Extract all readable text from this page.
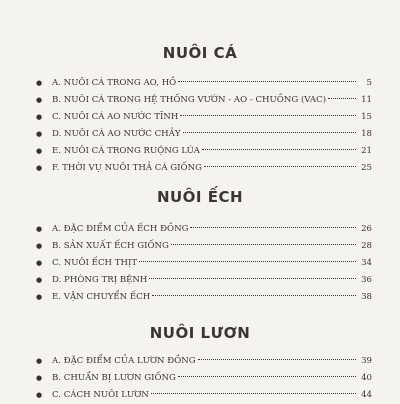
NUÔI CÁ
●	A. NUÔI CÁ TRONG AO, HỒ	5
●	B. NUÔI CÁ TRONG HỆ THỐNG VƯỜN - AO - CHUỒNG (VAC)	11
●	C. NUÔI CÁ AO NƯỚC TĨNH	15
●	D. NUÔI CÁ AO NƯỚC CHẢY	18
●	E. NUÔI CÁ TRONG RUỘNG LÚA	21
●	F. THỜI VỤ NUÔI THẢ CÁ GIỐNG	25
NUÔI ẾCH
●	A. ĐẶC ĐIỂM CỦA ẾCH ĐỒNG	26
●	B. SẢN XUẤT ẾCH GIỐNG	28
●	C. NUÔI ẾCH THỊT	34
●	D. PHÒNG TRỊ BỆNH	36
●	E. VẬN CHUYỂN ẾCH	38
NUÔI LƯƠN
●	A. ĐẶC ĐIỂM CỦA LƯƠN ĐỒNG	39
●	B. CHUẨN BỊ LƯƠN GIỐNG	40
●	C. CÁCH NUÔI LƯƠN	44
